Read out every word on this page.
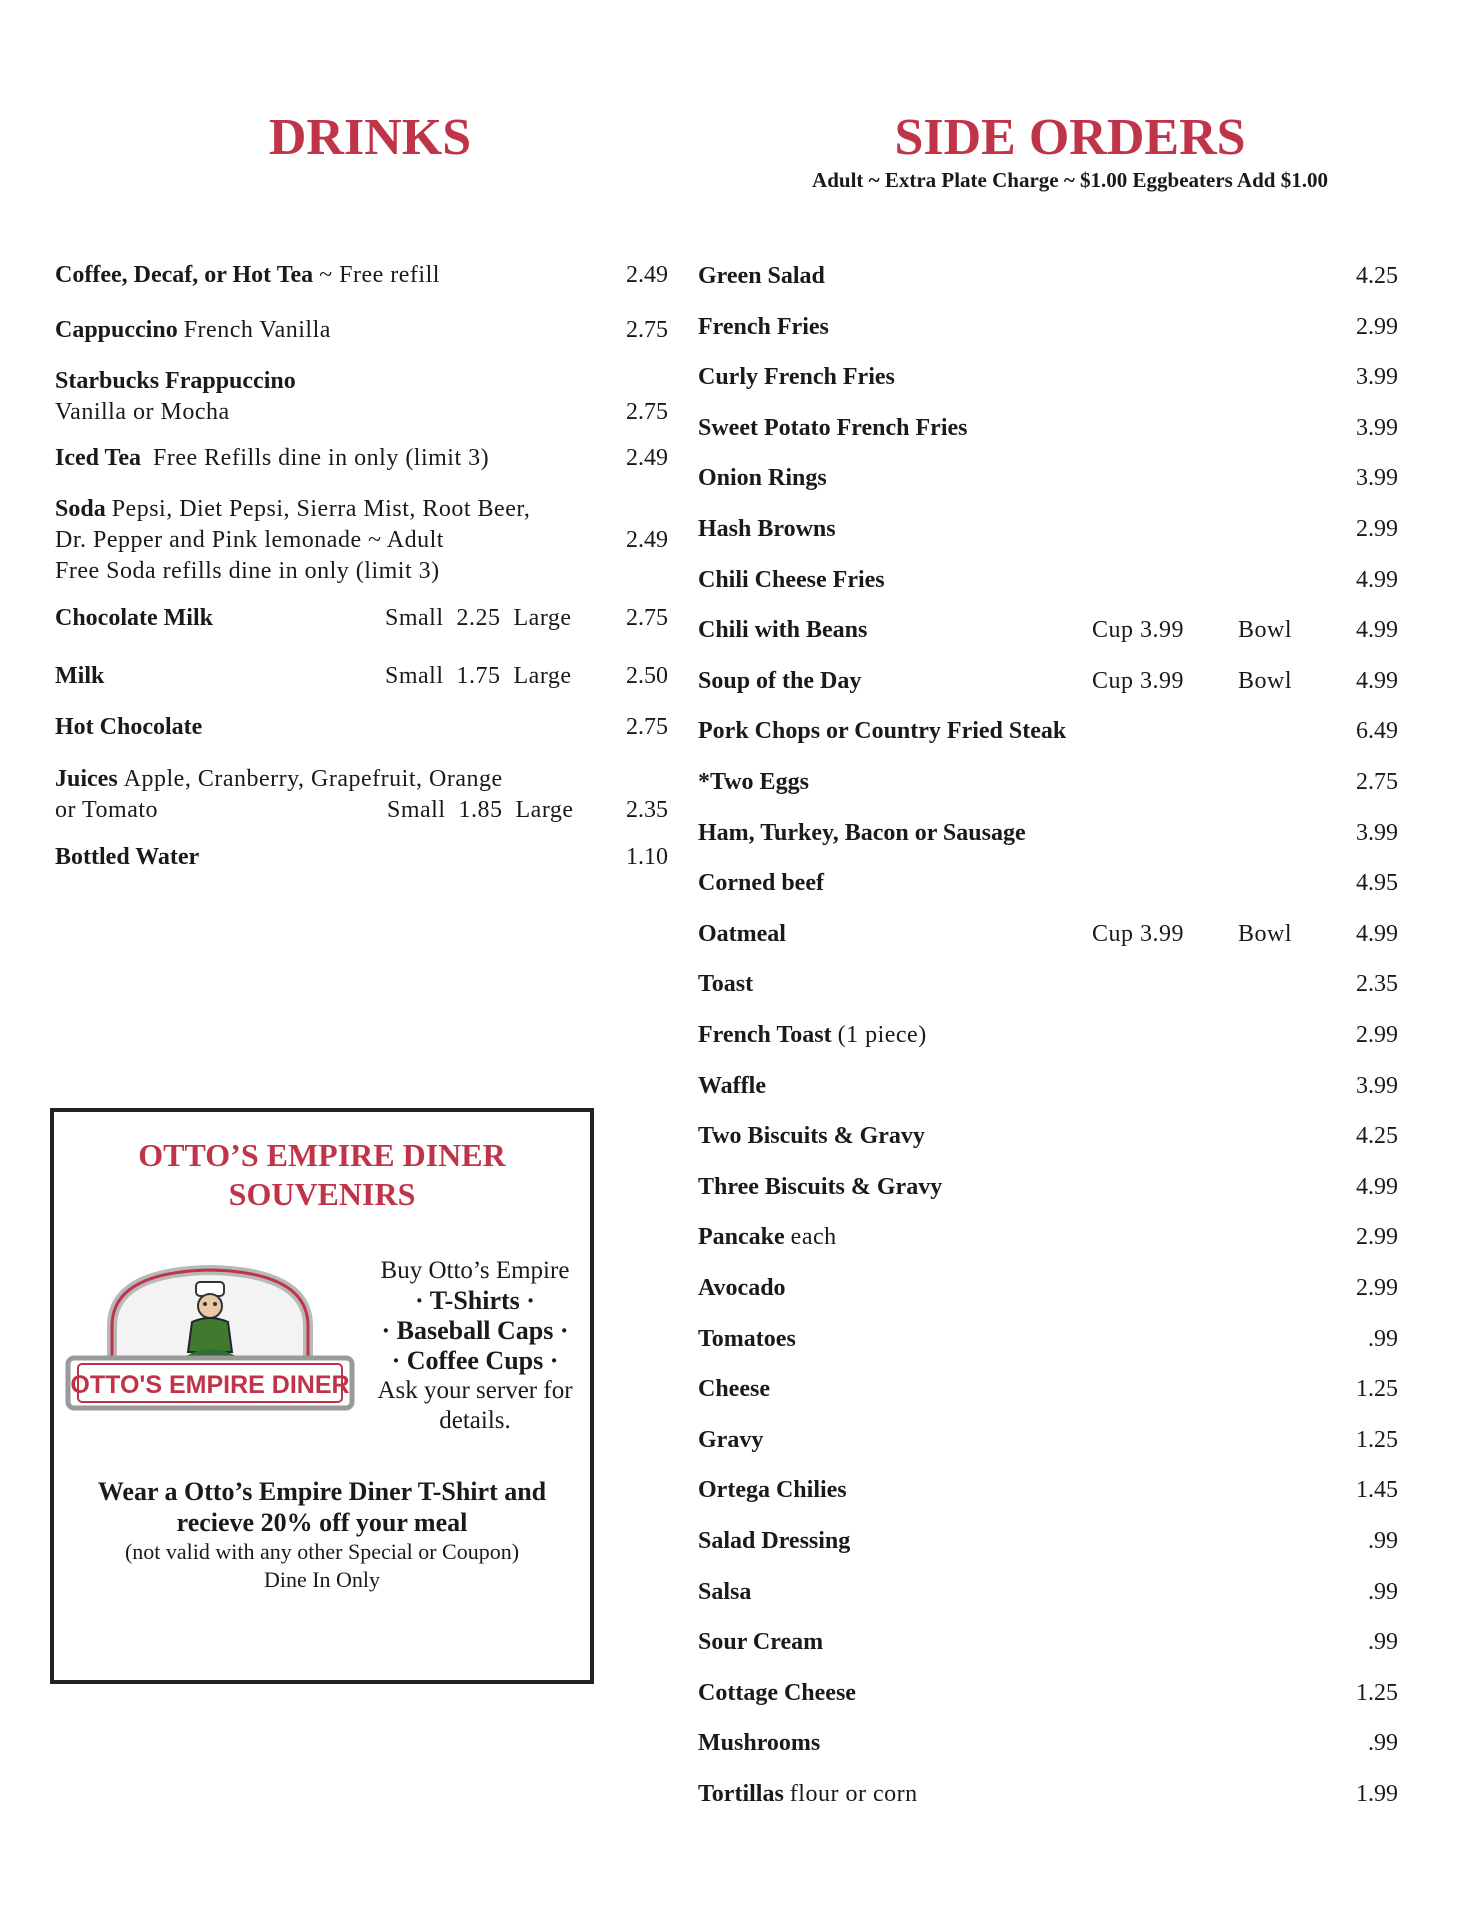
DRINKS	SIDE ORDERS

Adult ~ Extra Plate Charge ~ $1.00 Eggbeaters Add $1.00

Coffee, Decaf, or Hot Tea ~ Free refill	2.49
Cappuccino French Vanilla	2.75
Starbucks Frappuccino
Vanilla or Mocha	2.75
Iced Tea Free Refills dine in only (limit 3)	2.49
Soda Pepsi, Diet Pepsi, Sierra Mist, Root Beer,
Dr. Pepper and Pink lemonade ~ Adult	2.49
Free Soda refills dine in only (limit 3)
Chocolate Milk	Small 2.25 Large 2.75
Milk	Small 1.75 Large 2.50
Hot Chocolate	2.75
Juices Apple, Cranberry, Grapefruit, Orange
or Tomato	Small 1.85 Large 2.35
Bottled Water	1.10
Green Salad	4.25
French Fries	2.99
Curly French Fries	3.99
Sweet Potato French Fries	3.99
Onion Rings	3.99
Hash Browns	2.99
Chili Cheese Fries	4.99
Chili with Beans	Cup 3.99 Bowl	4.99
Soup of the Day	Cup 3.99 Bowl	4.99
Pork Chops or Country Fried Steak	6.49
*Two Eggs	2.75
Ham, Turkey, Bacon or Sausage	3.99
Corned beef	4.95
Oatmeal	Cup 3.99 Bowl	4.99
Toast	2.35
French Toast (1 piece)	2.99
Waffle	3.99
Two Biscuits & Gravy	4.25
Three Biscuits & Gravy	4.99
Pancake each	2.99
Avocado	2.99
Tomatoes	.99
Cheese	1.25
Gravy	1.25
Ortega Chilies	1.45
Salad Dressing	.99
Salsa	.99
Sour Cream	.99
Cottage Cheese	1.25
Mushrooms	.99
Tortillas flour or corn	1.99
OTTO’S EMPIRE DINER
SOUVENIRS
OTTO'S EMPIRE DINER
Buy Otto’s Empire
· T-Shirts ·
· Baseball Caps ·
· Coffee Cups ·
Ask your server for
details.
Wear a Otto’s Empire Diner T-Shirt and
recieve 20% off your meal
(not valid with any other Special or Coupon)
Dine In Only
